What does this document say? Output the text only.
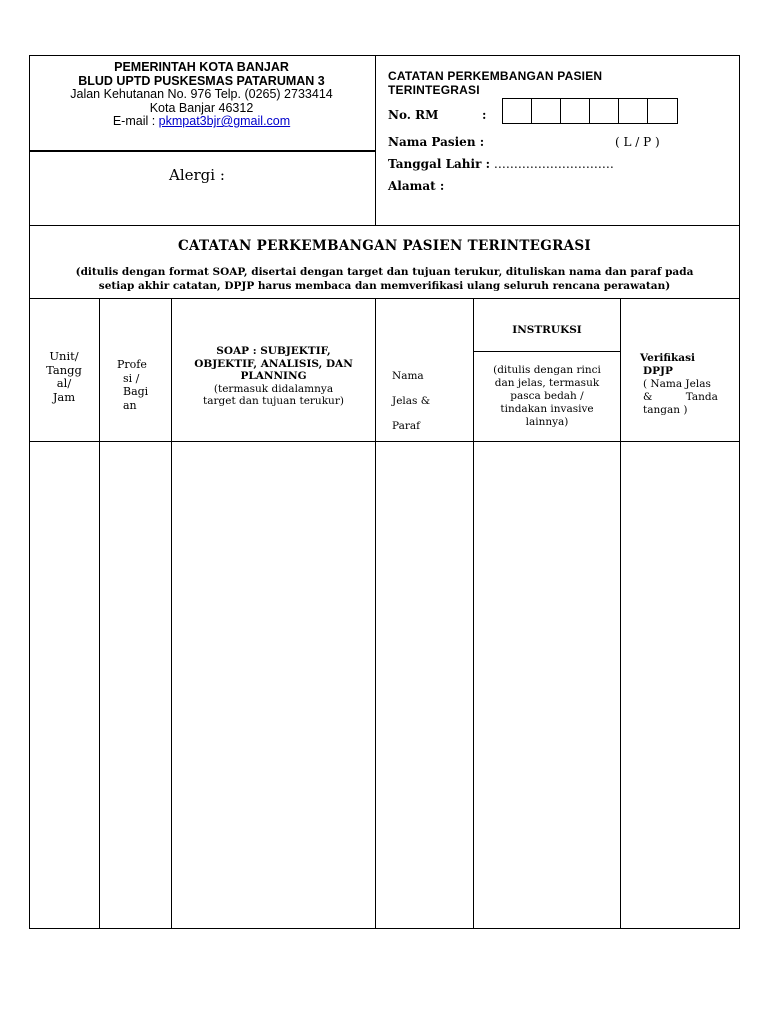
PEMERINTAH KOTA BANJAR
BLUD UPTD PUSKESMAS PATARUMAN 3
Jalan Kehutanan No. 976 Telp. (0265) 2733414
Kota Banjar 46312
E-mail : pkmpat3bjr@gmail.com
Alergi :
CATATAN PERKEMBANGAN PASIEN
TERINTEGRASI
No. RM	:
Nama Pasien :	( L / P )
Tanggal Lahir : …………………………
Alamat :
CATATAN PERKEMBANGAN PASIEN TERINTEGRASI
(ditulis dengan format SOAP, disertai dengan target dan tujuan terukur, dituliskan nama dan paraf pada
setiap akhir catatan, DPJP harus membaca dan memverifikasi ulang seluruh rencana perawatan)
Unit/
Tangg
al/
Jam
Profe
si /
Bagi
an
SOAP : SUBJEKTIF,
OBJEKTIF, ANALISIS, DAN
PLANNING
(termasuk didalamnya
target dan tujuan terukur)
Nama
Jelas &
Paraf
INSTRUKSI
(ditulis dengan rinci
dan jelas, termasuk
pasca bedah /
tindakan invasive
lainnya)
Verifikasi
DPJP
( Nama Jelas
&          Tanda
tangan )
